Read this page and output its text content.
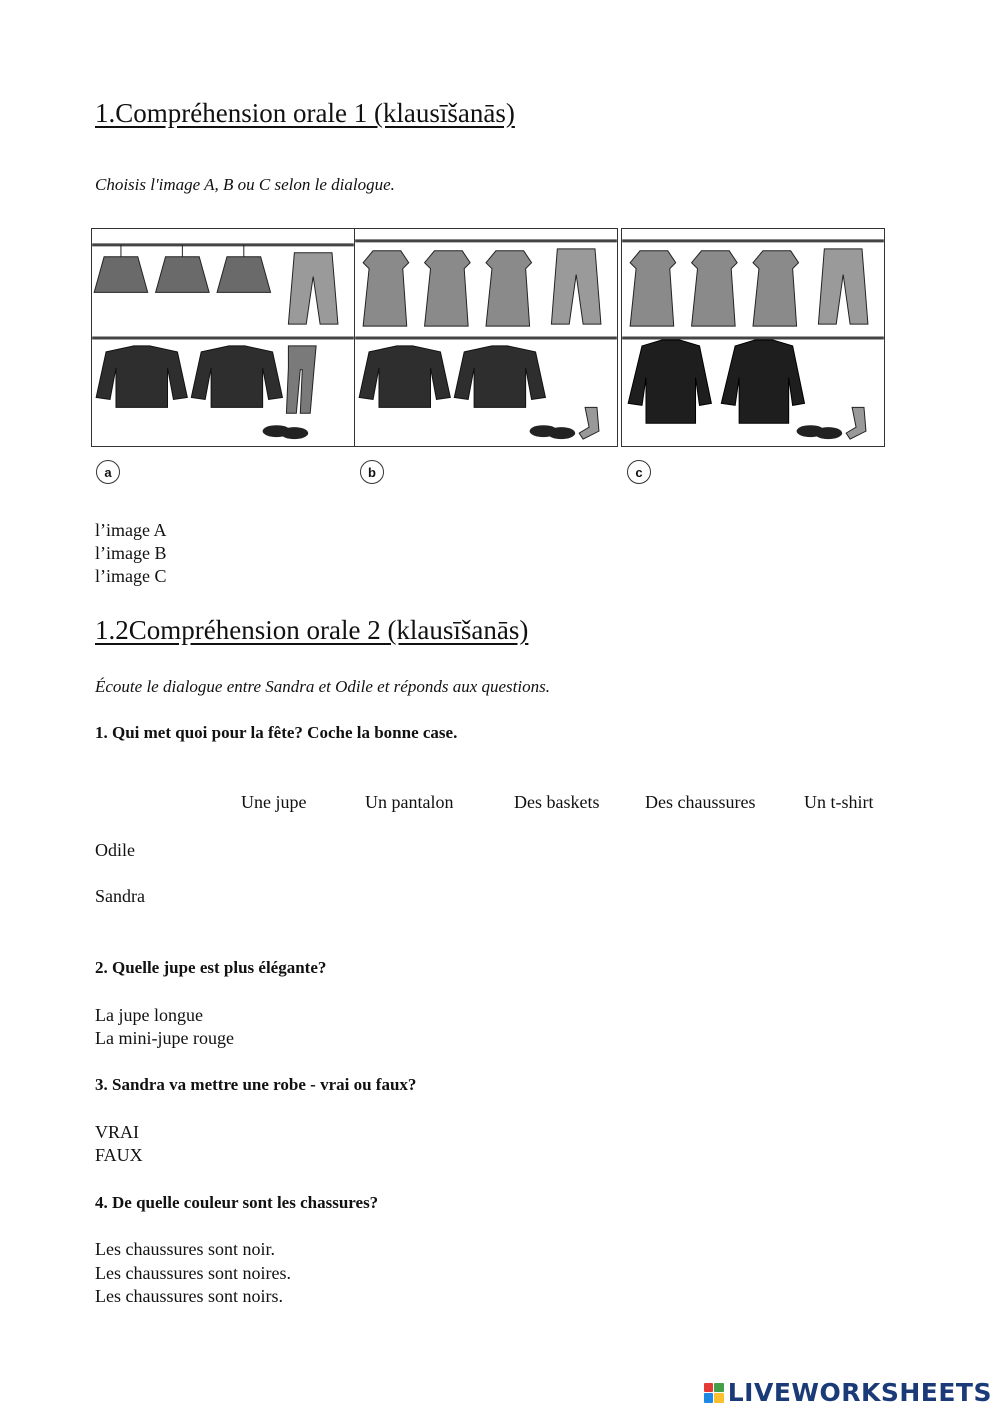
1.Compréhension orale 1 (klausīšanās)
Choisis l'image A, B ou C selon le dialogue.
a	b	c
l’image A
l’image B
l’image C
1.2Compréhension orale 2 (klausīšanās)
Écoute le dialogue entre Sandra et Odile et réponds aux questions.
1. Qui met quoi pour la fête? Coche la bonne case.
Une jupe	Un pantalon	Des baskets	Des chaussures	Un t-shirt
Odile
Sandra
2. Quelle jupe est plus élégante?
La jupe longue
La mini-jupe rouge
3. Sandra va mettre une robe - vrai ou faux?
VRAI
FAUX
4. De quelle couleur sont les chassures?
Les chaussures sont noir.
Les chaussures sont noires.
Les chaussures sont noirs.
LIVEWORKSHEETS
